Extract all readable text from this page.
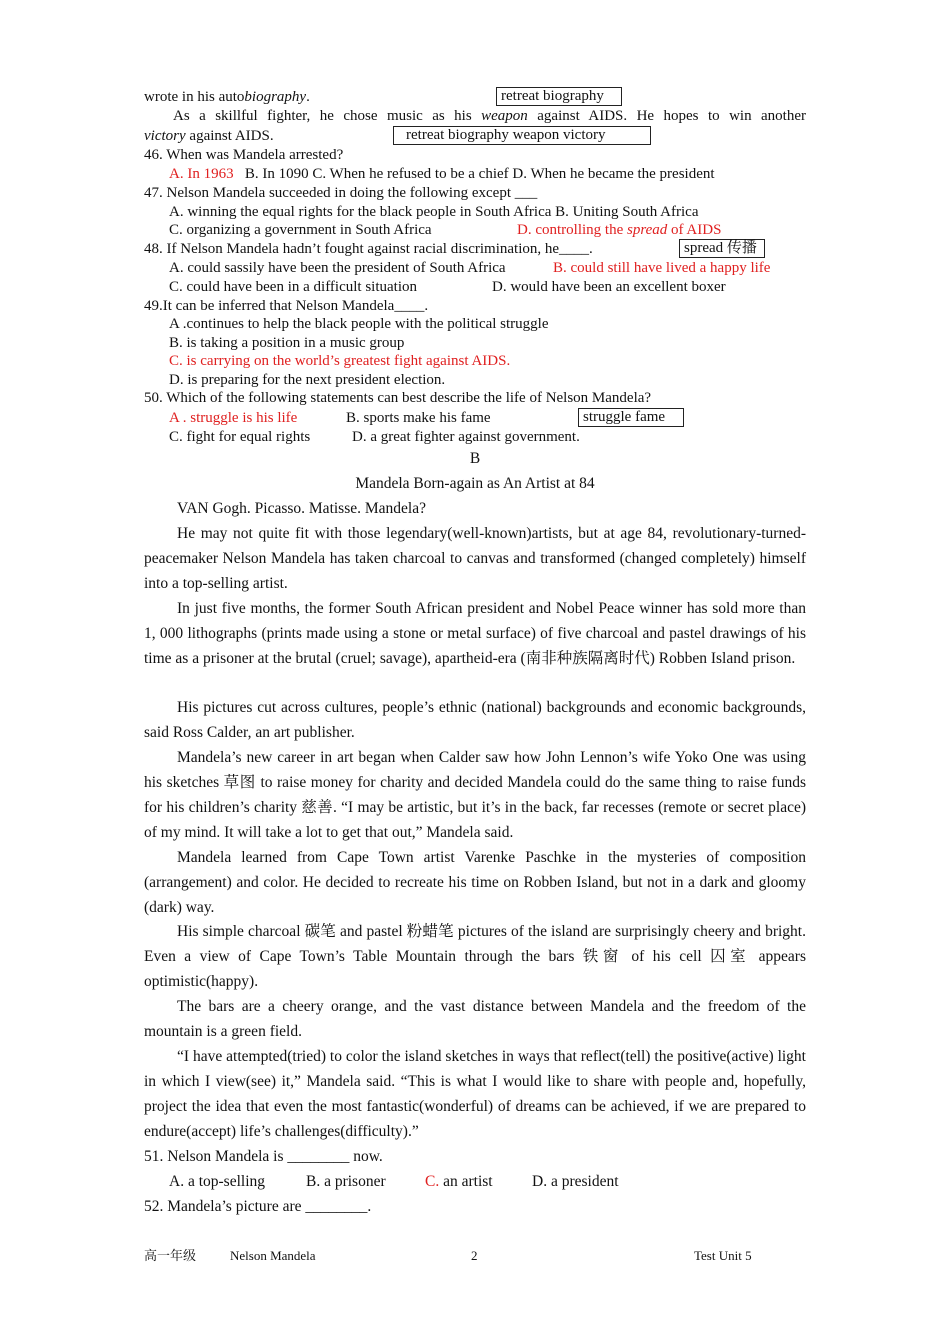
wrote in his autobiography.	retreat biography
As a skillful fighter, he chose music as his weapon against AIDS. He hopes to win another
victory against AIDS.	retreat biography weapon victory
46. When was Mandela arrested?
A. In 1963 B. In 1090 C. When he refused to be a chief D. When he became the president
47. Nelson Mandela succeeded in doing the following except ___
A. winning the equal rights for the black people in South Africa B. Uniting South Africa
C. organizing a government in South Africa	D. controlling the spread of AIDS
48. If Nelson Mandela hadn’t fought against racial discrimination, he____.	spread 传播
A. could sassily have been the president of South Africa	B. could still have lived a happy life
C. could have been in a difficult situation	D. would have been an excellent boxer
49.It can be inferred that Nelson Mandela____.
A .continues to help the black people with the political struggle
B. is taking a position in a music group
C. is carrying on the world’s greatest fight against AIDS.
D. is preparing for the next president election.
50. Which of the following statements can best describe the life of Nelson Mandela?
A . struggle is his life	B. sports make his fame	struggle fame
C. fight for equal rights	D. a great fighter against government.
B
Mandela Born-again as An Artist at 84
VAN Gogh. Picasso. Matisse. Mandela?
He may not quite fit with those legendary(well-known)artists, but at age 84, revolutionary-turned-peacemaker Nelson Mandela has taken charcoal to canvas and transformed (changed completely) himself into a top-selling artist.
In just five months, the former South African president and Nobel Peace winner has sold more than 1, 000 lithographs (prints made using a stone or metal surface) of five charcoal and pastel drawings of his time as a prisoner at the brutal (cruel; savage), apartheid-era (南非种族隔离时代) Robben Island prison.
His pictures cut across cultures, people’s ethnic (national) backgrounds and economic backgrounds, said Ross Calder, an art publisher.
Mandela’s new career in art began when Calder saw how John Lennon’s wife Yoko One was using his sketches 草图 to raise money for charity and decided Mandela could do the same thing to raise funds for his children’s charity 慈善. “I may be artistic, but it’s in the back, far recesses (remote or secret place) of my mind. It will take a lot to get that out,” Mandela said.
Mandela learned from Cape Town artist Varenke Paschke in the mysteries of composition (arrangement) and color. He decided to recreate his time on Robben Island, but not in a dark and gloomy (dark) way.
His simple charcoal 碳笔 and pastel 粉蜡笔 pictures of the island are surprisingly cheery and bright. Even a view of Cape Town’s Table Mountain through the bars 铁窗 of his cell 囚室 appears optimistic(happy).
The bars are a cheery orange, and the vast distance between Mandela and the freedom of the mountain is a green field.
“I have attempted(tried) to color the island sketches in ways that reflect(tell) the positive(active) light in which I view(see) it,” Mandela said. “This is what I would like to share with people and, hopefully, project the idea that even the most fantastic(wonderful) of dreams can be achieved, if we are prepared to endure(accept) life’s challenges(difficulty).”
51. Nelson Mandela is ________ now.
A. a top-selling	B. a prisoner	C. an artist	D. a president
52. Mandela’s picture are ________.
高一年级	Nelson Mandela	2	Test Unit 5
